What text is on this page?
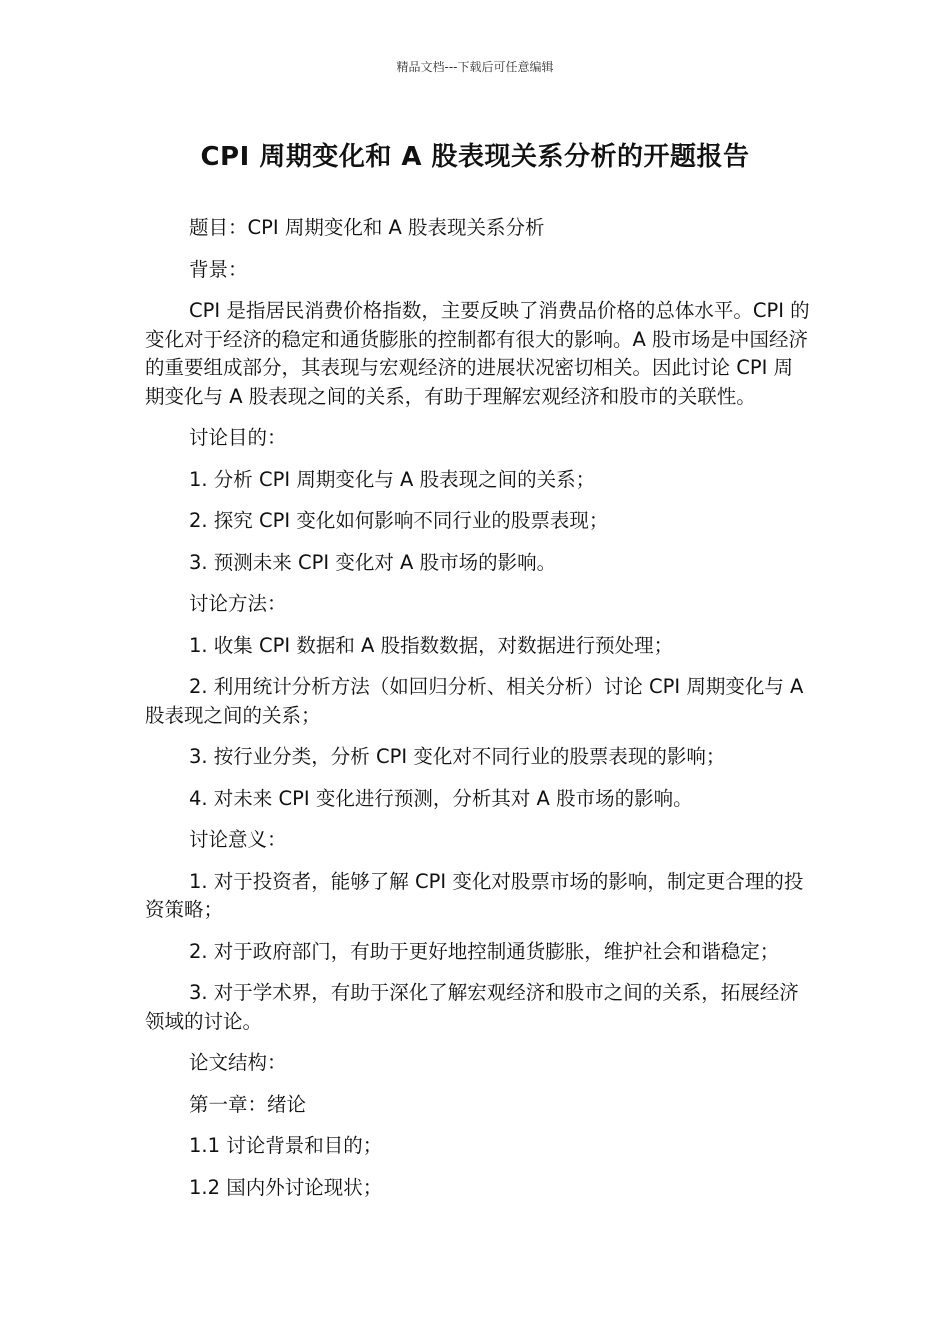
精品文档---下载后可任意编辑
CPI 周期变化和 A 股表现关系分析的开题报告

题目：CPI 周期变化和 A 股表现关系分析

背景：

CPI 是指居民消费价格指数，主要反映了消费品价格的总体水平。CPI 的变化对于经济的稳定和通货膨胀的控制都有很大的影响。A 股市场是中国经济的重要组成部分，其表现与宏观经济的进展状况密切相关。因此讨论 CPI 周期变化与 A 股表现之间的关系，有助于理解宏观经济和股市的关联性。

讨论目的：

1. 分析 CPI 周期变化与 A 股表现之间的关系；

2. 探究 CPI 变化如何影响不同行业的股票表现；

3. 预测未来 CPI 变化对 A 股市场的影响。

讨论方法：

1. 收集 CPI 数据和 A 股指数数据，对数据进行预处理；

2. 利用统计分析方法（如回归分析、相关分析）讨论 CPI 周期变化与 A 股表现之间的关系；

3. 按行业分类，分析 CPI 变化对不同行业的股票表现的影响；

4. 对未来 CPI 变化进行预测，分析其对 A 股市场的影响。

讨论意义：

1. 对于投资者，能够了解 CPI 变化对股票市场的影响，制定更合理的投资策略；

2. 对于政府部门，有助于更好地控制通货膨胀，维护社会和谐稳定；

3. 对于学术界，有助于深化了解宏观经济和股市之间的关系，拓展经济领域的讨论。

论文结构：

第一章：绪论

1.1 讨论背景和目的；

1.2 国内外讨论现状；
